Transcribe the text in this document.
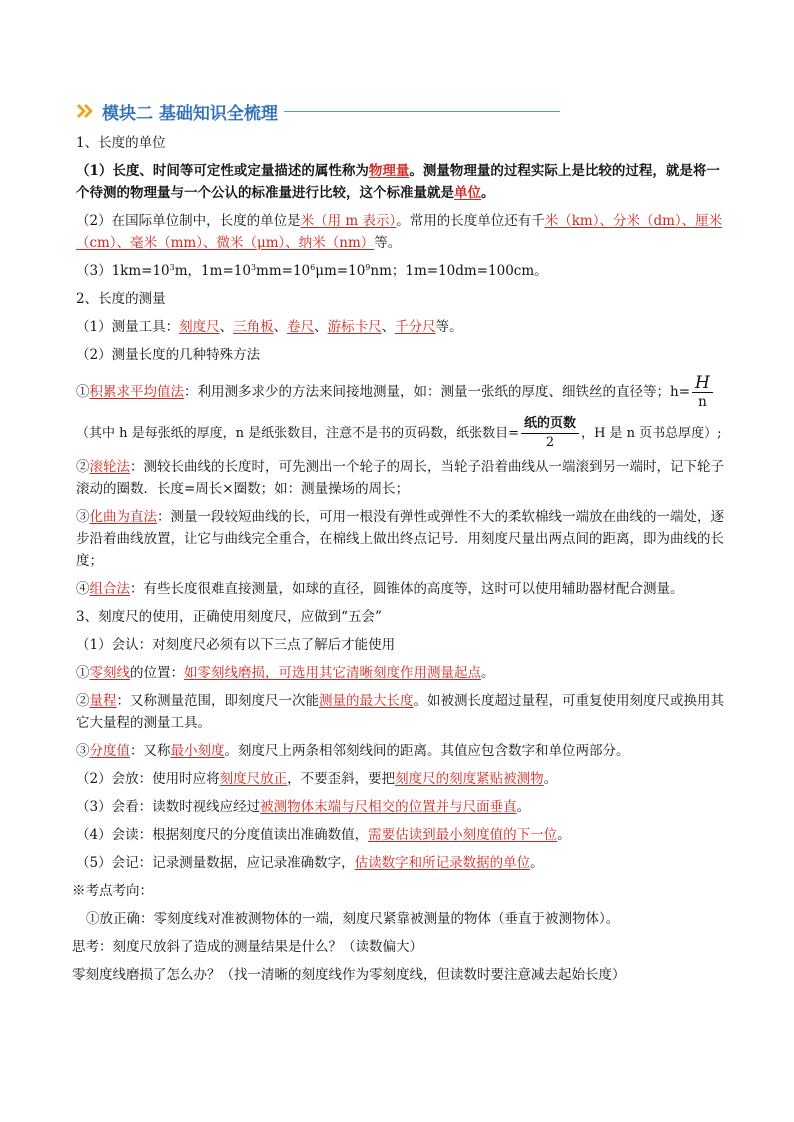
模块二 基础知识全梳理
1、长度的单位
（1）长度、时间等可定性或定量描述的属性称为物理量。测量物理量的过程实际上是比较的过程，就是将一个待测的物理量与一个公认的标准量进行比较，这个标准量就是单位。
（2）在国际单位制中，长度的单位是米（用 m 表示）。常用的长度单位还有千米（km）、分米（dm）、厘米（cm）、毫米（mm）、微米（μm）、纳米（nm）等。
$(3)1km=10^3m$，$1m=10^3mm=10^6\mu m=10^9nm$；1m=10dm=100cm。
2、长度的测量
（1）测量工具：刻度尺、三角板、卷尺、游标卡尺、千分尺等。
（2）测量长度的几种特殊方法
①积累求平均值法：利用测多求少的方法来间接地测量，如：测量一张纸的厚度、细铁丝的直径等；$h= \frac{H}{n}$
（其中 h 是每张纸的厚度，n 是纸张数目，注意不是书的页码数，纸张数目= $\frac{\text{纸的页数}}{2}$ ，H 是 n 页书总厚度）;
②滚轮法：测较长曲线的长度时，可先测出一个轮子的周长，当轮子沿着曲线从一端滚到另一端时，记下轮子滚动的圈数．长度=周长×圈数；如：测量操场的周长；
③化曲为直法：测量一段较短曲线的长，可用一根没有弹性或弹性不大的柔软棉线一端放在曲线的一端处，逐步沿着曲线放置，让它与曲线完全重合，在棉线上做出终点记号．用刻度尺量出两点间的距离，即为曲线的长度；
④组合法：有些长度很难直接测量，如球的直径，圆锥体的高度等，这时可以使用辅助器材配合测量。
3、刻度尺的使用，正确使用刻度尺，应做到“五会”
（1）会认：对刻度尺必须有以下三点了解后才能使用
①零刻线的位置：如零刻线磨损，可选用其它清晰刻度作用测量起点。
②量程：又称测量范围，即刻度尺一次能测量的最大长度。如被测长度超过量程，可重复使用刻度尺或换用其它大量程的测量工具。
③分度值：又称最小刻度。刻度尺上两条相邻刻线间的距离。其值应包含数字和单位两部分。
（2）会放：使用时应将刻度尺放正，不要歪斜，要把刻度尺的刻度紧贴被测物。
（3）会看：读数时视线应经过被测物体末端与尺相交的位置并与尺面垂直。
（4）会读：根据刻度尺的分度值读出准确数值，需要估读到最小刻度值的下一位。
（5）会记：记录测量数据，应记录准确数字，估读数字和所记录数据的单位。
※考点考向：
①放正确：零刻度线对准被测物体的一端，刻度尺紧靠被测量的物体（垂直于被测物体）。
思考：刻度尺放斜了造成的测量结果是什么？（读数偏大）
零刻度线磨损了怎么办？（找一清晰的刻度线作为零刻度线，但读数时要注意减去起始长度）
